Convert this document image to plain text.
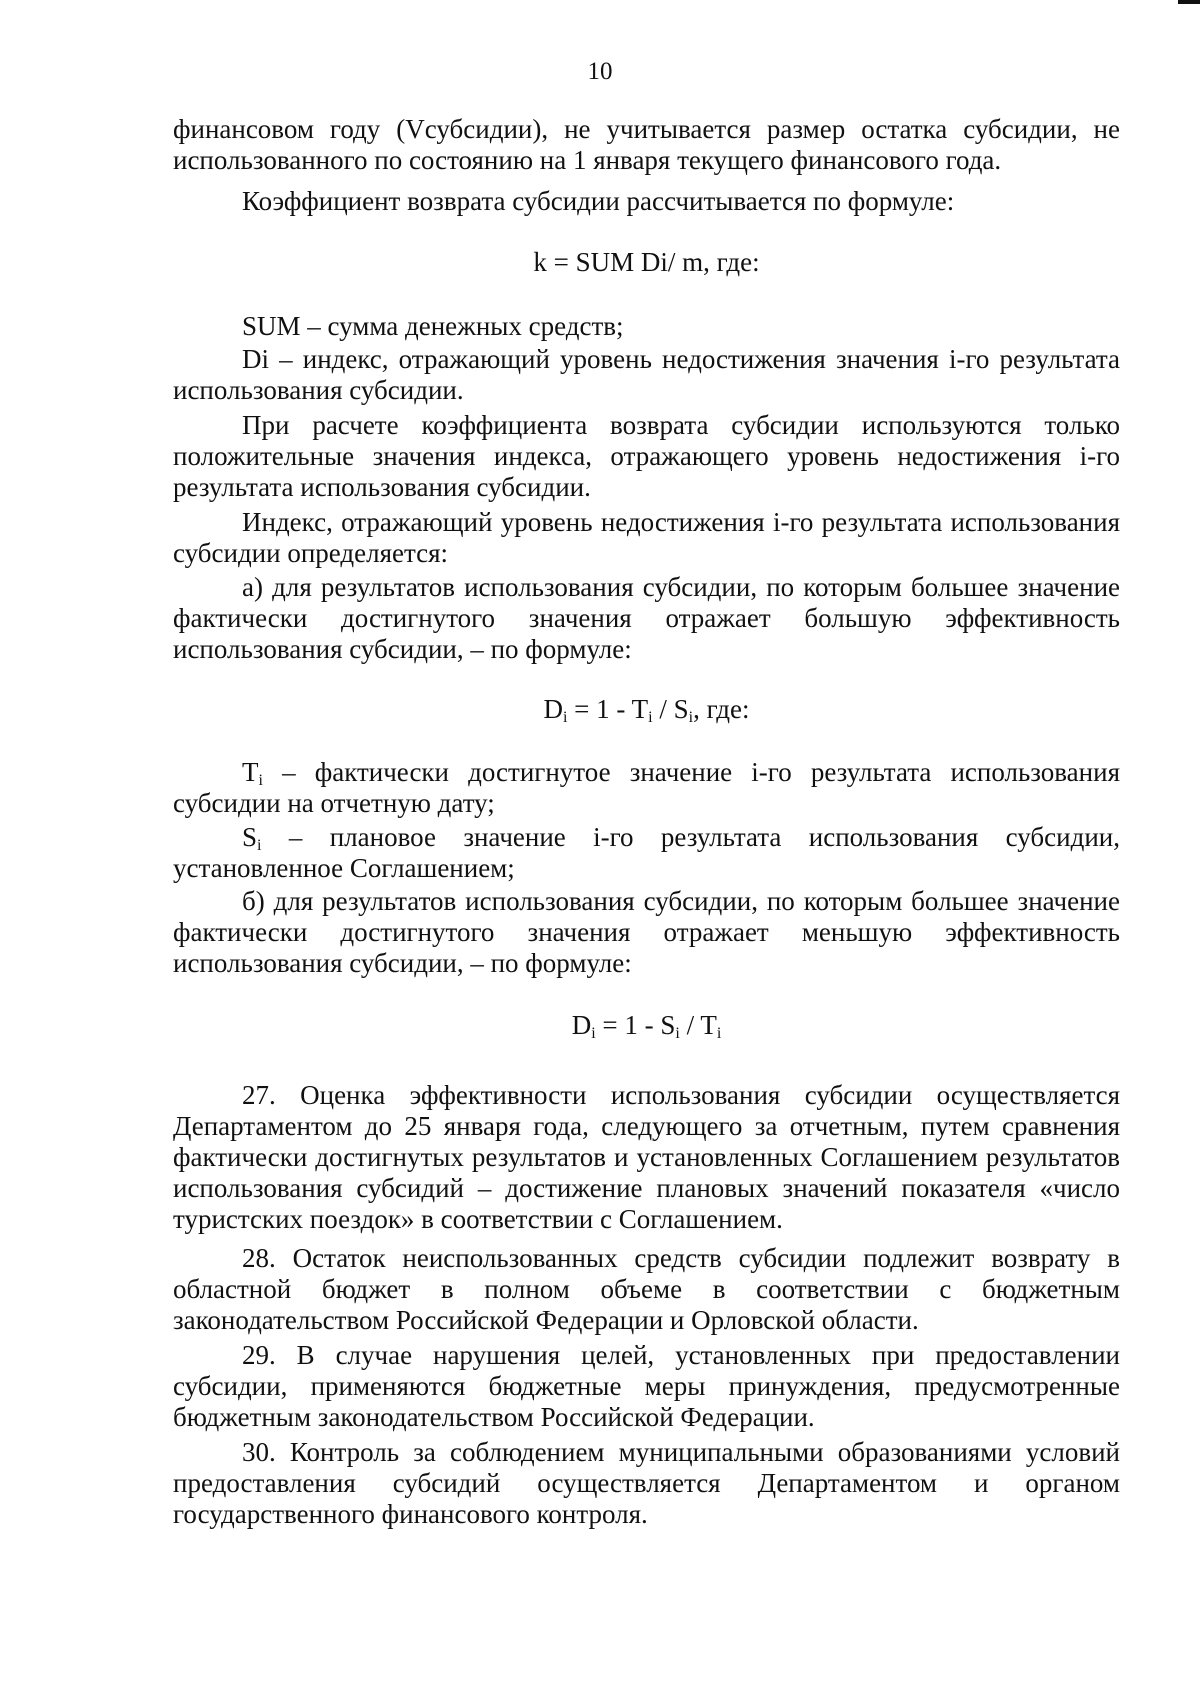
10

финансовом году (Vсубсидии), не учитывается размер остатка субсидии, не использованного по состоянию на 1 января текущего финансового года.

Коэффициент возврата субсидии рассчитывается по формуле:

k = SUM Di/ m, где:

SUM – сумма денежных средств;

Di – индекс, отражающий уровень недостижения значения i-го результата использования субсидии.

При расчете коэффициента возврата субсидии используются только положительные значения индекса, отражающего уровень недостижения i-го результата использования субсидии.

Индекс, отражающий уровень недостижения i-го результата использования субсидии определяется:

а) для результатов использования субсидии, по которым большее значение фактически достигнутого значения отражает большую эффективность использования субсидии, – по формуле:

$D_i = 1 - T_i / S_i$, где:

$T_i$ – фактически достигнутое значение i-го результата использования субсидии на отчетную дату;

$S_i$ – плановое значение i-го результата использования субсидии, установленное Соглашением;

б) для результатов использования субсидии, по которым большее значение фактически достигнутого значения отражает меньшую эффективность использования субсидии, – по формуле:

$D_i = 1 - S_i / T_i$

27. Оценка эффективности использования субсидии осуществляется Департаментом до 25 января года, следующего за отчетным, путем сравнения фактически достигнутых результатов и установленных Соглашением результатов использования субсидий – достижение плановых значений показателя «число туристских поездок» в соответствии с Соглашением.

28. Остаток неиспользованных средств субсидии подлежит возврату в областной бюджет в полном объеме в соответствии с бюджетным законодательством Российской Федерации и Орловской области.

29. В случае нарушения целей, установленных при предоставлении субсидии, применяются бюджетные меры принуждения, предусмотренные бюджетным законодательством Российской Федерации.

30. Контроль за соблюдением муниципальными образованиями условий предоставления субсидий осуществляется Департаментом и органом государственного финансового контроля.
